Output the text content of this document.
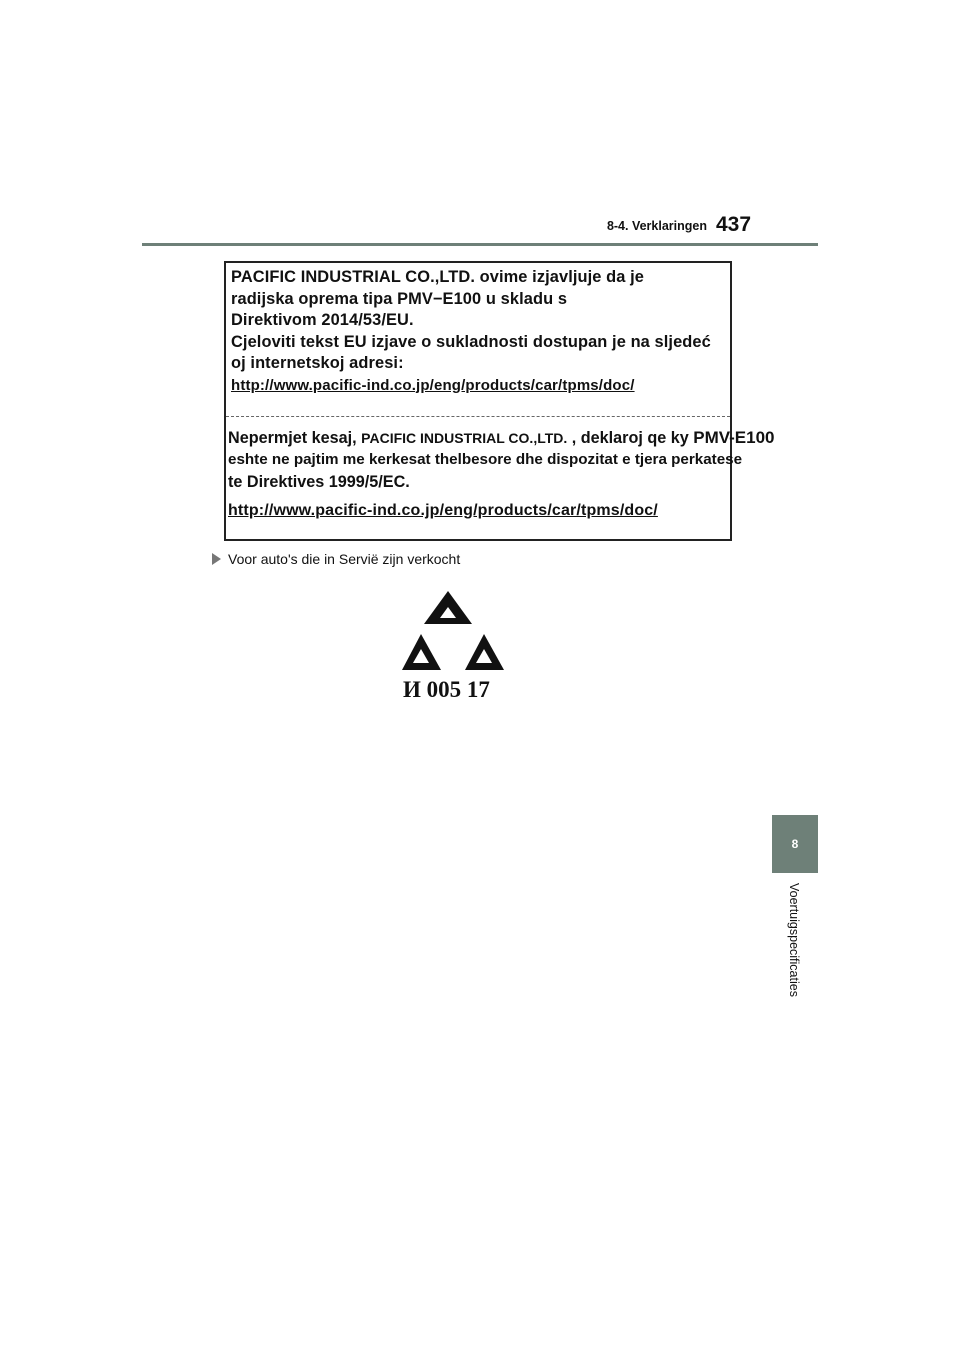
8-4. Verklaringen 437
PACIFIC INDUSTRIAL CO.,LTD. ovime izjavljuje da je
radijska oprema tipa PMV−E100 u skladu s
Direktivom 2014/53/EU.
Cjeloviti tekst EU izjave o sukladnosti dostupan je na sljedeć
oj internetskoj adresi:
http://www.pacific-ind.co.jp/eng/products/car/tpms/doc/
Nepermjet kesaj, PACIFIC INDUSTRIAL CO.,LTD. , deklaroj qe ky PMV-E100
eshte ne pajtim me kerkesat thelbesore dhe dispozitat e tjera perkatese
te Direktives 1999/5/EC.
http://www.pacific-ind.co.jp/eng/products/car/tpms/doc/
Voor auto's die in Servië zijn verkocht
И 005 17
8
Voertuigspecificaties
